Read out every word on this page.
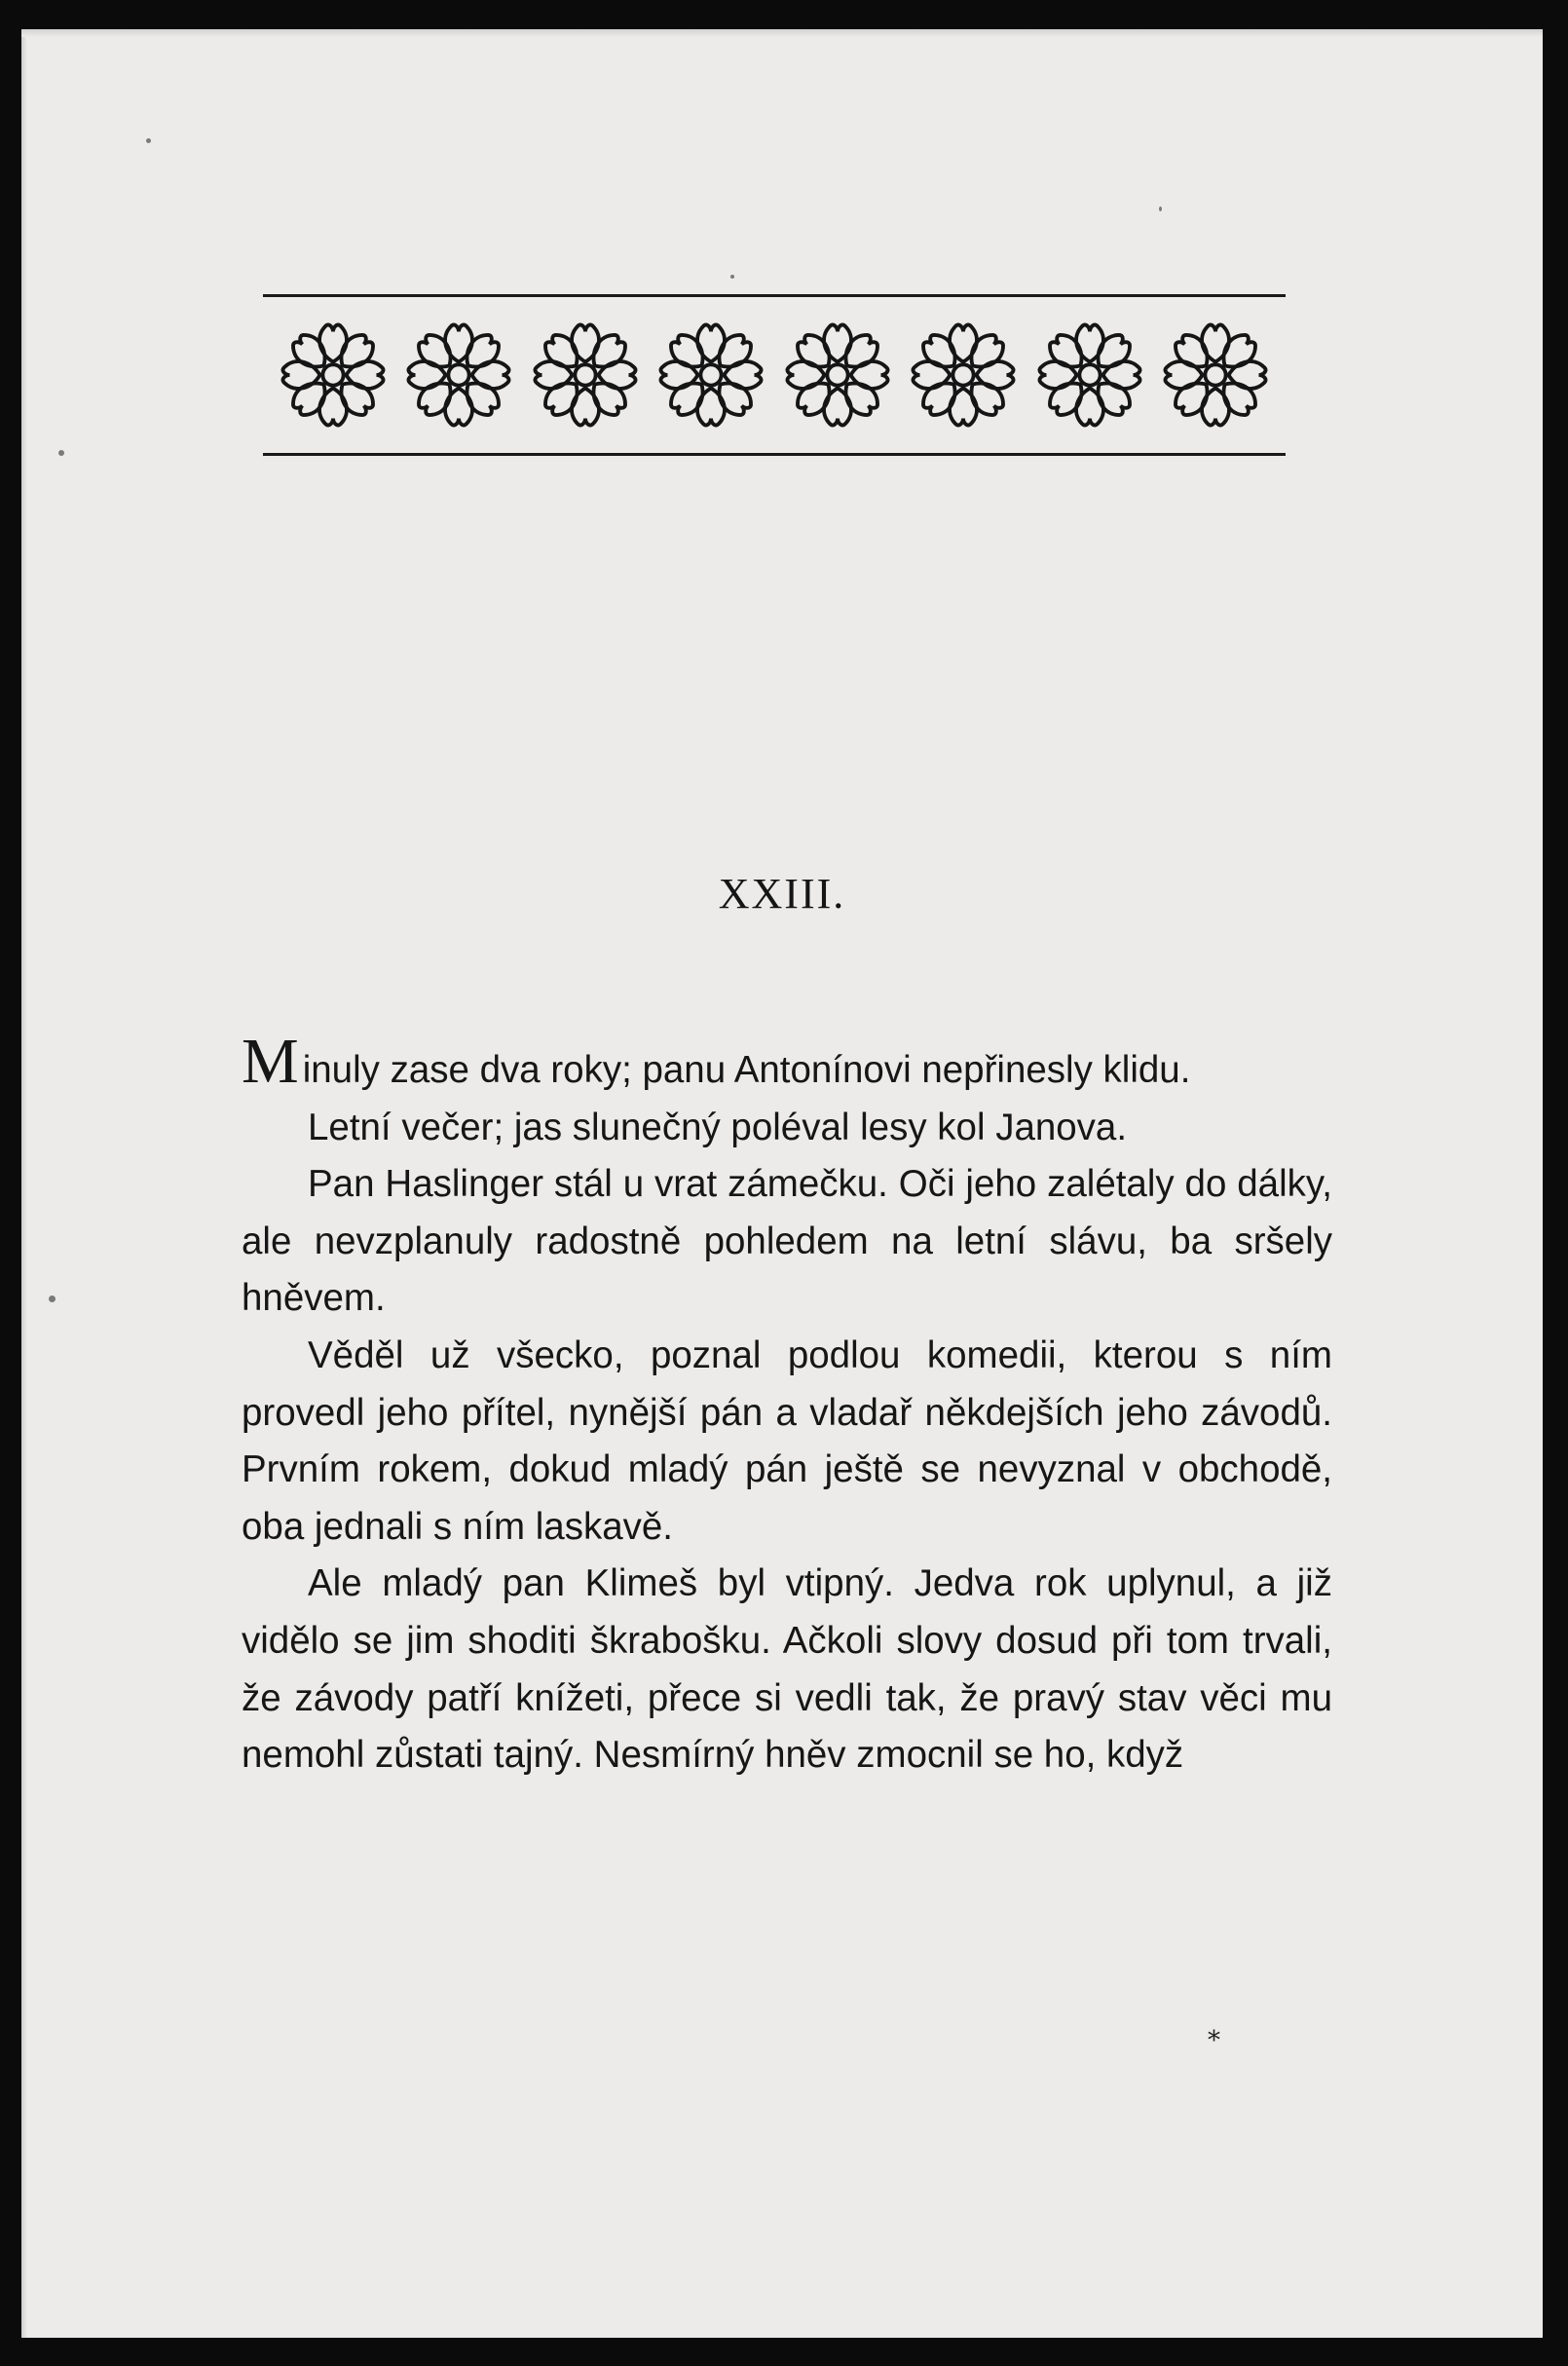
XXIII.

Minuly zase dva roky; panu Antonínovi nepřinesly klidu.

Letní večer; jas slunečný poléval lesy kol Janova.

Pan Haslinger stál u vrat zámečku. Oči jeho zalétaly do dálky, ale nevzplanuly radostně pohledem na letní slávu, ba sršely hněvem.

Věděl už všecko, poznal podlou komedii, kterou s ním provedl jeho přítel, nynější pán a vladař někdejších jeho závodů. Prvním rokem, dokud mladý pán ještě se nevyznal v obchodě, oba jednali s ním laskavě.

Ale mladý pan Klimeš byl vtipný. Jedva rok uplynul, a již vidělo se jim shoditi škrabošku. Ačkoli slovy dosud při tom trvali, že závody patří knížeti, přece si vedli tak, že pravý stav věci mu nemohl zůstati tajný. Nesmírný hněv zmocnil se ho, když

*
